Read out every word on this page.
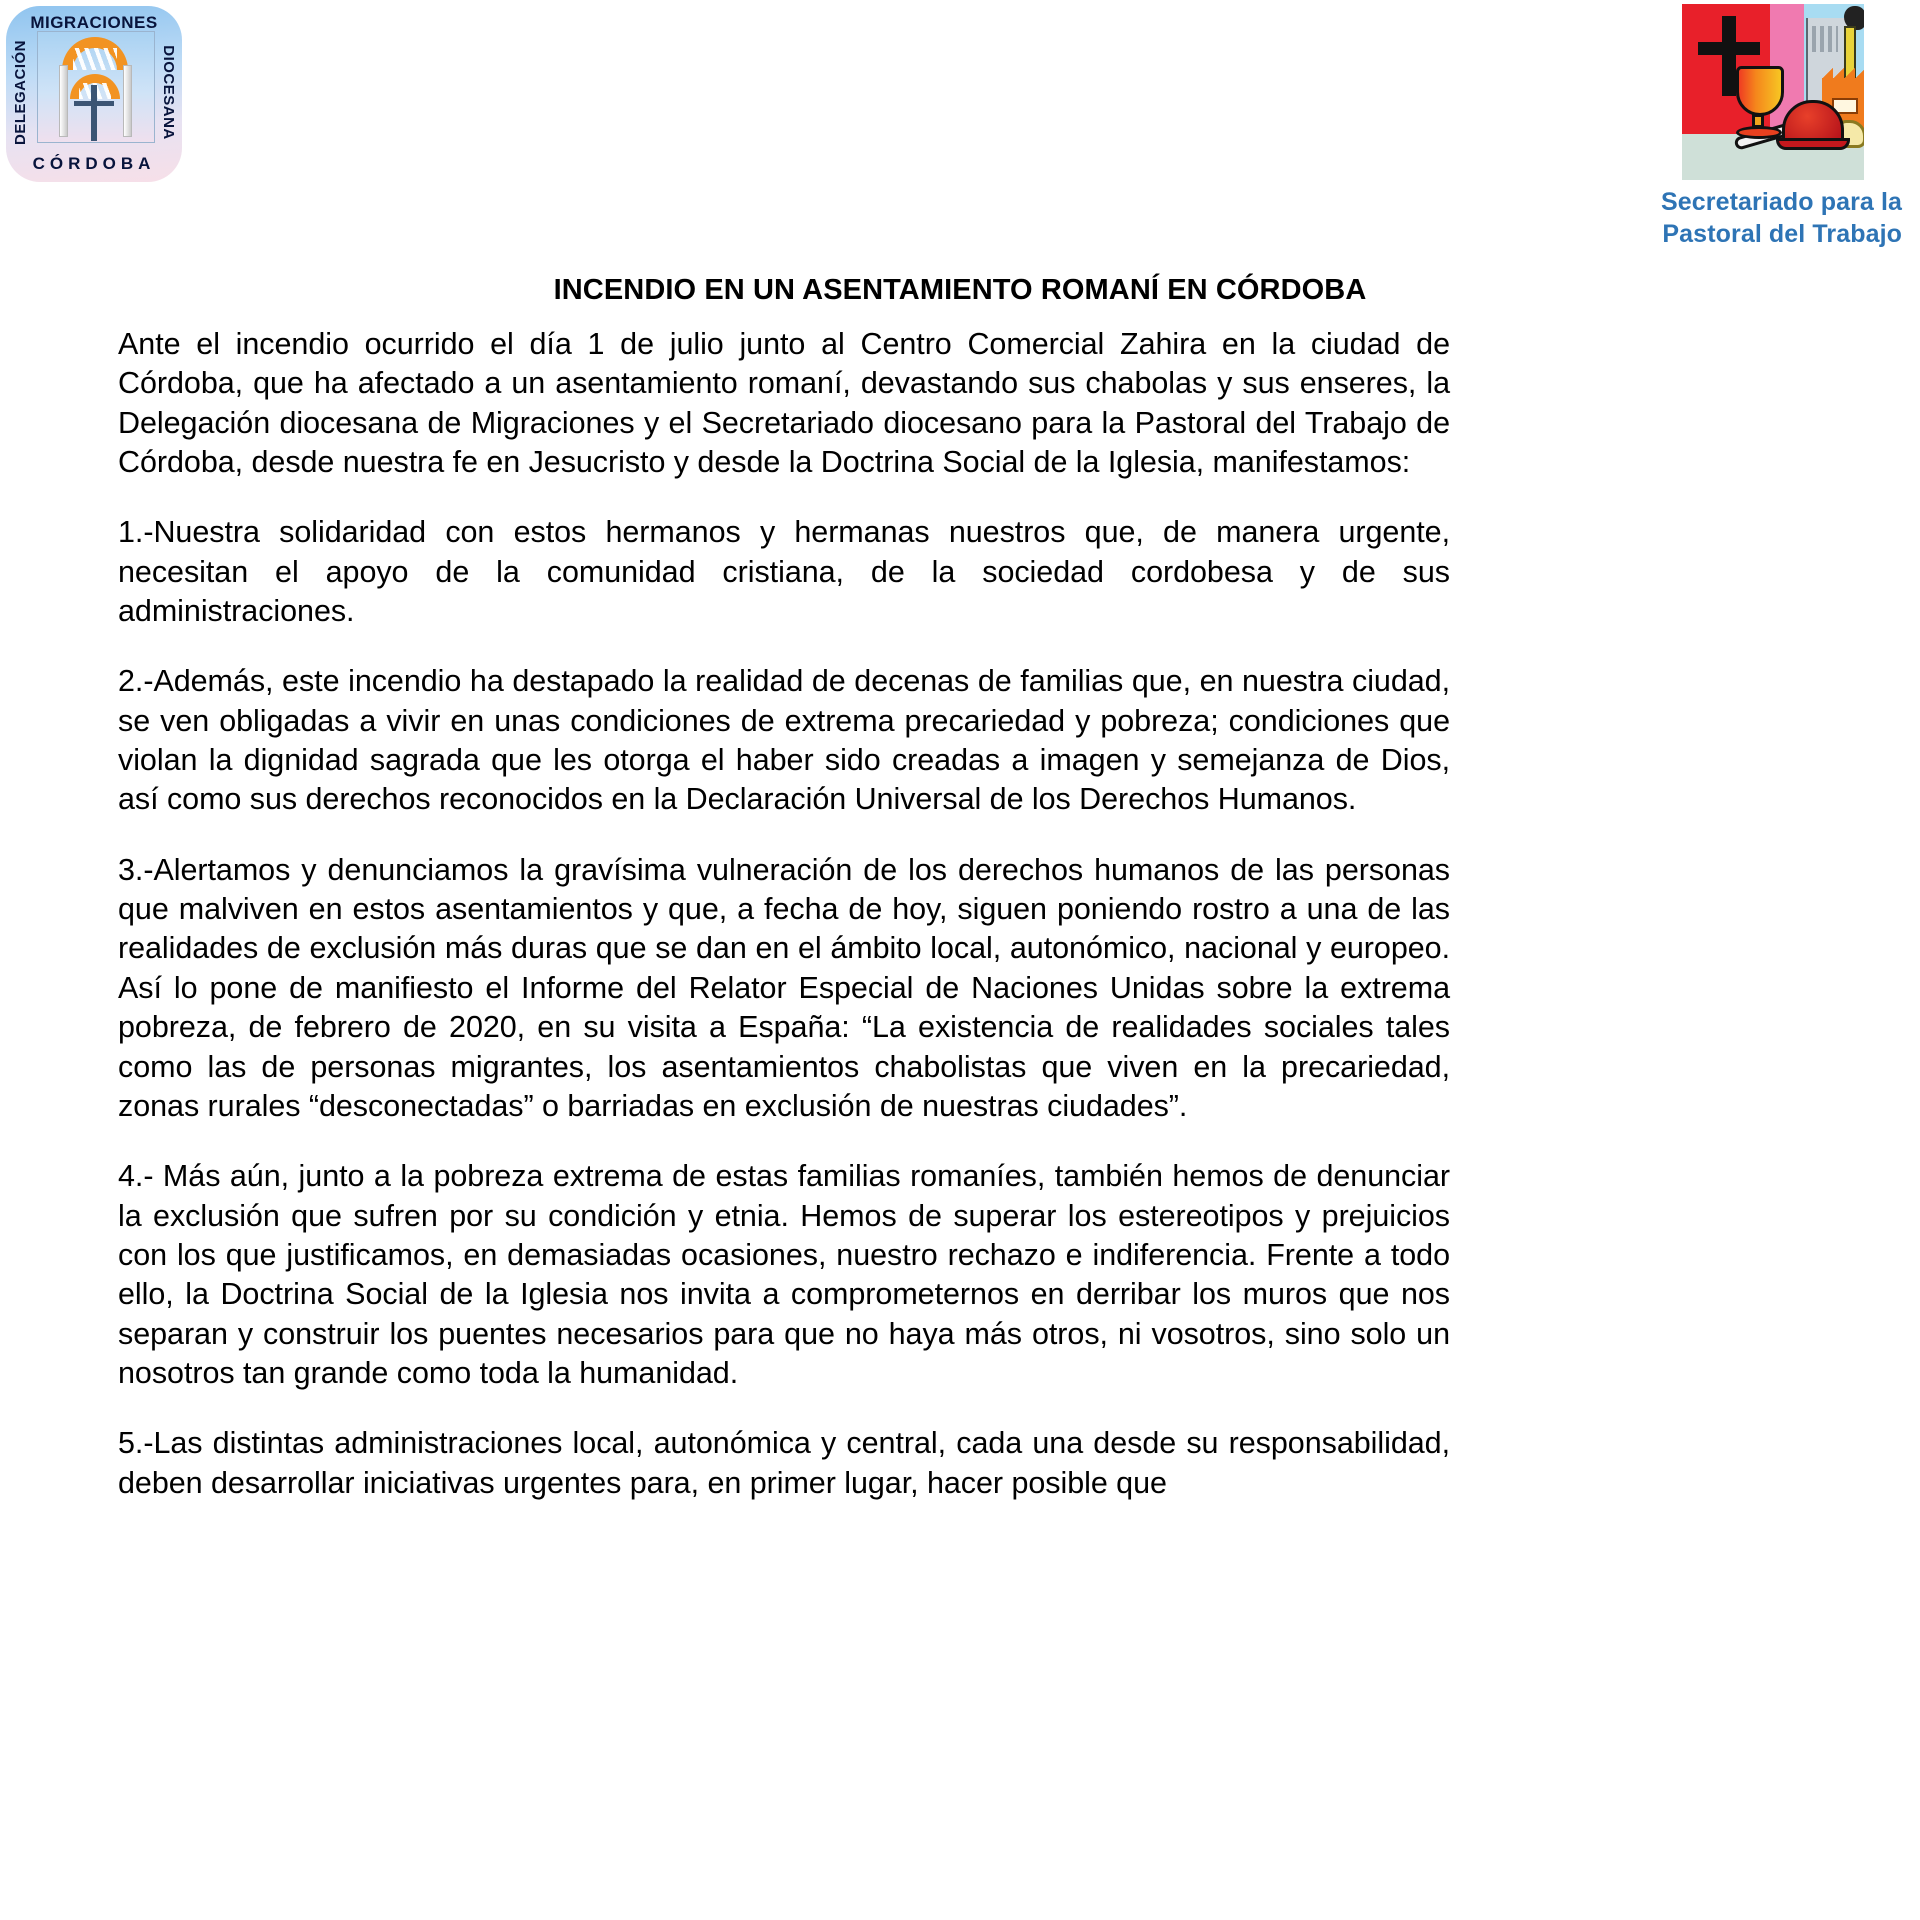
MIGRACIONES
DELEGACIÓN	DIOCESANA
CÓRDOBA
Secretariado para la
Pastoral del Trabajo
INCENDIO EN UN ASENTAMIENTO ROMANÍ EN CÓRDOBA

Ante el incendio ocurrido el día 1 de julio junto al Centro Comercial Zahira en la ciudad de Córdoba, que ha afectado a un asentamiento romaní, devastando sus chabolas y sus enseres, la Delegación diocesana de Migraciones y el Secretariado diocesano para la Pastoral del Trabajo de Córdoba, desde nuestra fe en Jesucristo y desde la Doctrina Social de la Iglesia, manifestamos:

1.-Nuestra solidaridad con estos hermanos y hermanas nuestros que, de manera urgente, necesitan el apoyo de la comunidad cristiana, de la sociedad cordobesa y de sus administraciones.

2.-Además, este incendio ha destapado la realidad de decenas de familias que, en nuestra ciudad, se ven obligadas a vivir en unas condiciones de extrema precariedad y pobreza; condiciones que violan la dignidad sagrada que les otorga el haber sido creadas a imagen y semejanza de Dios, así como sus derechos reconocidos en la Declaración Universal de los Derechos Humanos.

3.-Alertamos y denunciamos la gravísima vulneración de los derechos humanos de las personas que malviven en estos asentamientos y que, a fecha de hoy, siguen poniendo rostro a una de las realidades de exclusión más duras que se dan en el ámbito local, autonómico, nacional y europeo. Así lo pone de manifiesto el Informe del Relator Especial de Naciones Unidas sobre la extrema pobreza, de febrero de 2020, en su visita a España: “La existencia de realidades sociales tales como las de personas migrantes, los asentamientos chabolistas que viven en la precariedad, zonas rurales “desconectadas” o barriadas en exclusión de nuestras ciudades”.

4.- Más aún, junto a la pobreza extrema de estas familias romaníes, también hemos de denunciar la exclusión que sufren por su condición y etnia. Hemos de superar los estereotipos y prejuicios con los que justificamos, en demasiadas ocasiones, nuestro rechazo e indiferencia. Frente a todo ello, la Doctrina Social de la Iglesia nos invita a comprometernos en derribar los muros que nos separan y construir los puentes necesarios para que no haya más otros, ni vosotros, sino solo un nosotros tan grande como toda la humanidad.

5.-Las distintas administraciones local, autonómica y central, cada una desde su responsabilidad, deben desarrollar iniciativas urgentes para, en primer lugar, hacer posible que
